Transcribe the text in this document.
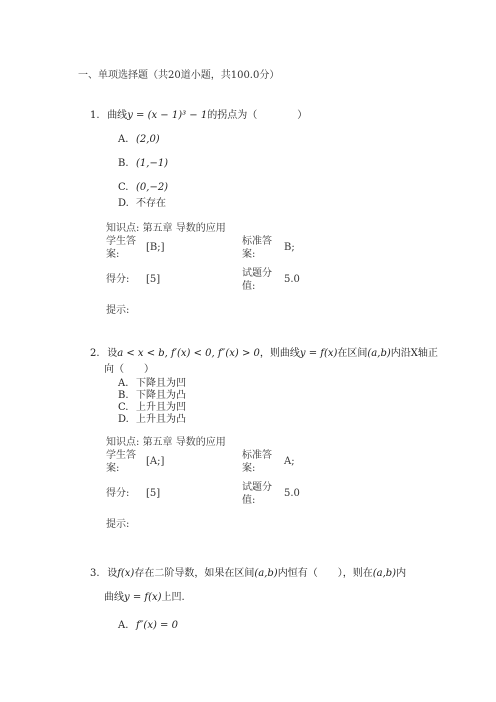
一、单项选择题（共20道小题，共100.0分）
1. 曲线y = (x − 1)³ − 1的拐点为（　　　　）
A. (2,0)
B. (1,−1)
C. (0,−2)
D. 不存在
知识点: 第五章 导数的应用
学生答案:
[B;]
标准答案:
B;
得分:	[5]
试题分值:
5.0
提示:
2. 设a < x < b, f′(x) < 0, f″(x) > 0，则曲线y = f(x)在区间(a,b)内沿X轴正
向（　　）
A. 下降且为凹
B. 下降且为凸
C. 上升且为凹
D. 上升且为凸
知识点: 第五章 导数的应用
学生答案:
[A;]
标准答案:
A;
得分:	[5]
试题分值:
5.0
提示:
3. 设f(x)存在二阶导数，如果在区间(a,b)内恒有（　　），则在(a,b)内
曲线y = f(x)上凹.
A. f″(x) = 0
